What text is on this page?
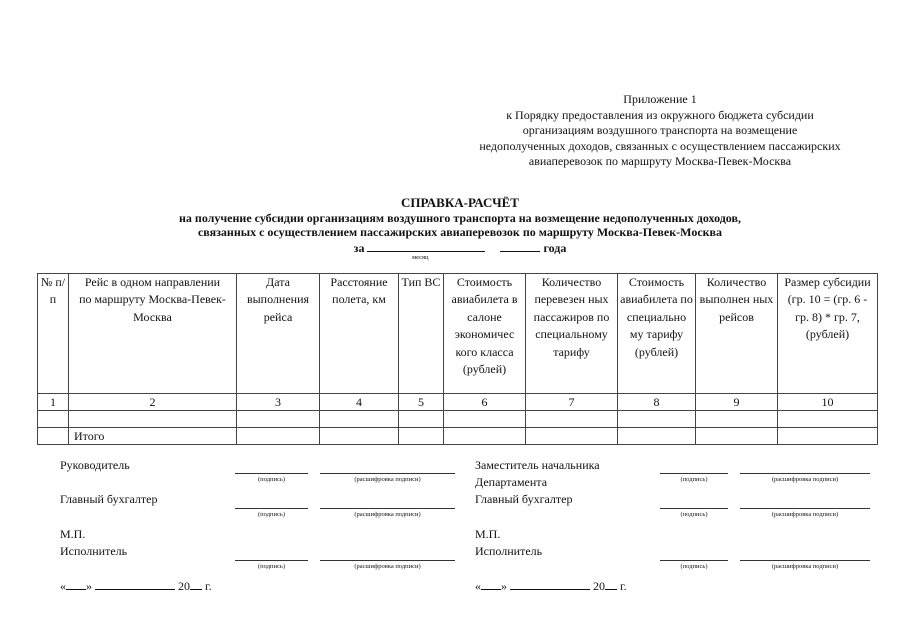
Приложение 1
к Порядку предоставления из окружного бюджета субсидии
организациям воздушного транспорта на возмещение
недополученных доходов, связанных с осуществлением пассажирских
авиаперевозок по маршруту Москва-Певек-Москва
СПРАВКА-РАСЧЁТ
на получение субсидии организациям воздушного транспорта на возмещение недополученных доходов,
связанных с осуществлением пассажирских авиаперевозок по маршруту Москва-Певек-Москва
за	года
месяц
№ п/п	Рейс в одном направлении по маршруту Москва-Певек-Москва	Дата выполнения рейса	Расстояние полета, км	Тип ВС	Стоимость авиабилета в салоне экономичес кого класса (рублей)	Количество перевезен ных пассажиров по специальному тарифу	Стоимость авиабилета по специально му тарифу (рублей)	Количество выполнен ных рейсов	Размер субсидии (гр. 10 = (гр. 6 - гр. 8) * гр. 7, (рублей)
1	2	3	4	5	6	7	8	9	10

	Итого								
Руководитель
(подпись)	(расшифровка подписи)
Главный бухгалтер
(подпись)	(расшифровка подписи)
М.П.
Исполнитель
(подпись)	(расшифровка подписи)
« »	20 г.
Заместитель начальника
Департамента	(подпись)	(расшифровка подписи)
Главный бухгалтер
(подпись)	(расшифровка подписи)
М.П.
Исполнитель
(подпись)	(расшифровка подписи)
« »	20 г.
